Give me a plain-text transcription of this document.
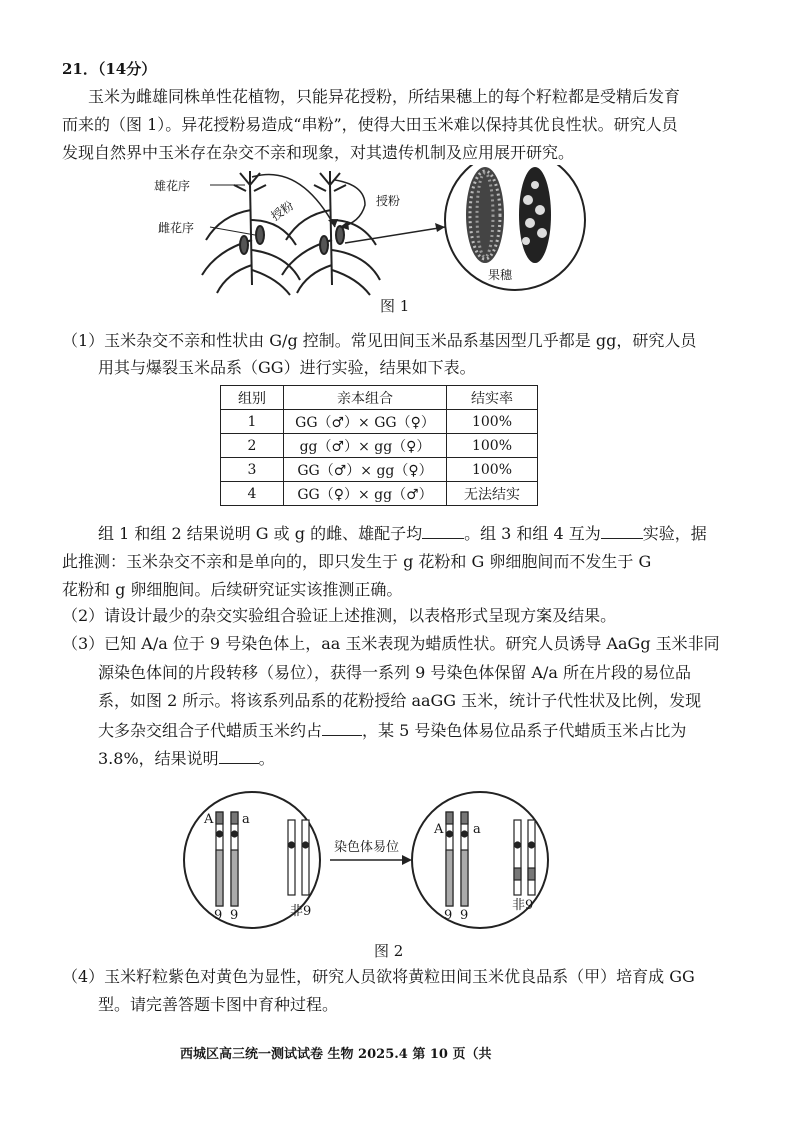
21．（14分）
玉米为雌雄同株单性花植物，只能异花授粉，所结果穗上的每个籽粒都是受精后发育
而来的（图 1）。异花授粉易造成“串粉”，使得大田玉米难以保持其优良性状。研究人员
发现自然界中玉米存在杂交不亲和现象，对其遗传机制及应用展开研究。
雄花序
雌花序
授粉	授粉
果穗
图 1
（1）玉米杂交不亲和性状由 G/g 控制。常见田间玉米品系基因型几乎都是 gg，研究人员
用其与爆裂玉米品系（GG）进行实验，结果如下表。
组别	亲本组合	结实率
1	GG（♂）× GG（♀）	100%
2	gg（♂）× gg（♀）	100%
3	GG（♂）× gg（♀）	100%
4	GG（♀）× gg（♂）	无法结实
组 1 和组 2 结果说明 G 或 g 的雌、雄配子均	。组 3 和组 4 互为	实验，据
此推测：玉米杂交不亲和是单向的，即只发生于 g 花粉和 G 卵细胞间而不发生于 G
花粉和 g 卵细胞间。后续研究证实该推测正确。
（2）请设计最少的杂交实验组合验证上述推测，以表格形式呈现方案及结果。
（3）已知 A/a 位于 9 号染色体上，aa 玉米表现为蜡质性状。研究人员诱导 AaGg 玉米非同
源染色体间的片段转移（易位），获得一系列 9 号染色体保留 A/a 所在片段的易位品
系，如图 2 所示。将该系列品系的花粉授给 aaGG 玉米，统计子代性状及比例，发现
大多杂交组合子代蜡质玉米约占	，某 5 号染色体易位品系子代蜡质玉米占比为
3.8%，结果说明	。
A a
9 9	非9
染色体易位
A a
9 9
非9
图 2
（4）玉米籽粒紫色对黄色为显性，研究人员欲将黄粒田间玉米优良品系（甲）培育成 GG
型。请完善答题卡图中育种过程。
西城区高三统一测试试卷 生物 2025.4 第 10 页（共
